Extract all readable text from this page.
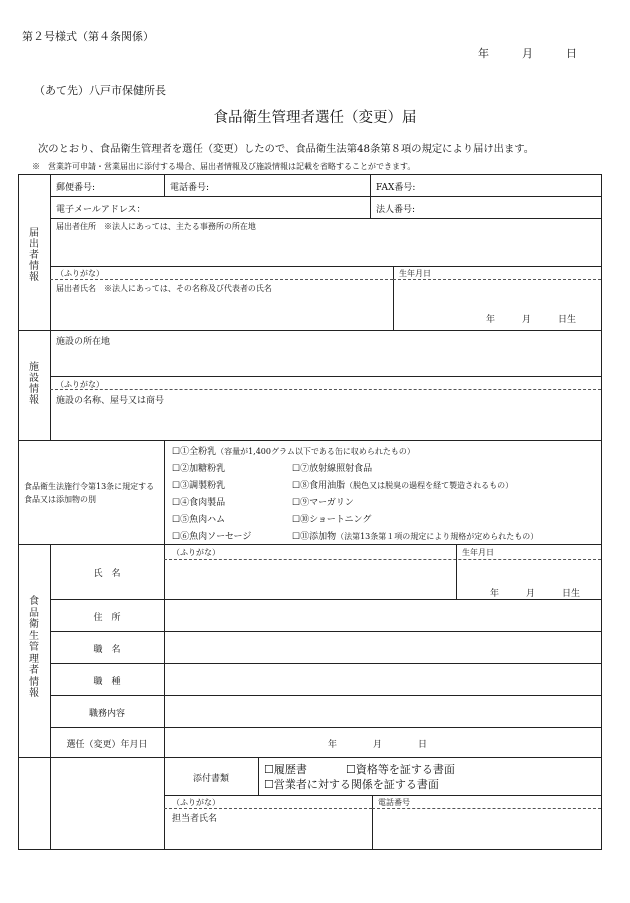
第２号様式（第４条関係）
年　　　月　　　日
（あて先）八戸市保健所長
食品衛生管理者選任（変更）届
次のとおり、食品衛生管理者を選任（変更）したので、食品衛生法第48条第８項の規定により届け出ます。
※　営業許可申請・営業届出に添付する場合、届出者情報及び施設情報は記載を省略することができます。
届出者情報
郵便番号:	電話番号:	FAX番号:
電子メールアドレス：	法人番号:
届出者住所　※法人にあっては、主たる事務所の所在地
（ふりがな）	生年月日
届出者氏名　※法人にあっては、その名称及び代表者の氏名
年　　　月　　　日生
施設情報
施設の所在地
（ふりがな）
施設の名称、屋号又は商号
食品衛生法施行令第13条に規定する食品又は添加物の別
☐①全粉乳（容量が1,400グラム以下である缶に収められたもの）
☐②加糖粉乳
☐③調製粉乳
☐④食肉製品
☐⑤魚肉ハム
☐⑥魚肉ソーセージ
☐⑦放射線照射食品
☐⑧食用油脂（脱色又は脱臭の過程を経て製造されるもの）
☐⑨マーガリン
☐⑩ショートニング
☐⑪添加物（法第13条第１項の規定により規格が定められたもの）
食品衛生管理者情報
氏　名
（ふりがな）	生年月日
年　　　月　　　日生
住　所
職　名
職　種
職務内容
選任（変更）年月日	年　　　　月　　　　日
添付書類
☐履歴書	☐資格等を証する書面
☐営業者に対する関係を証する書面
（ふりがな）
担当者氏名
電話番号
